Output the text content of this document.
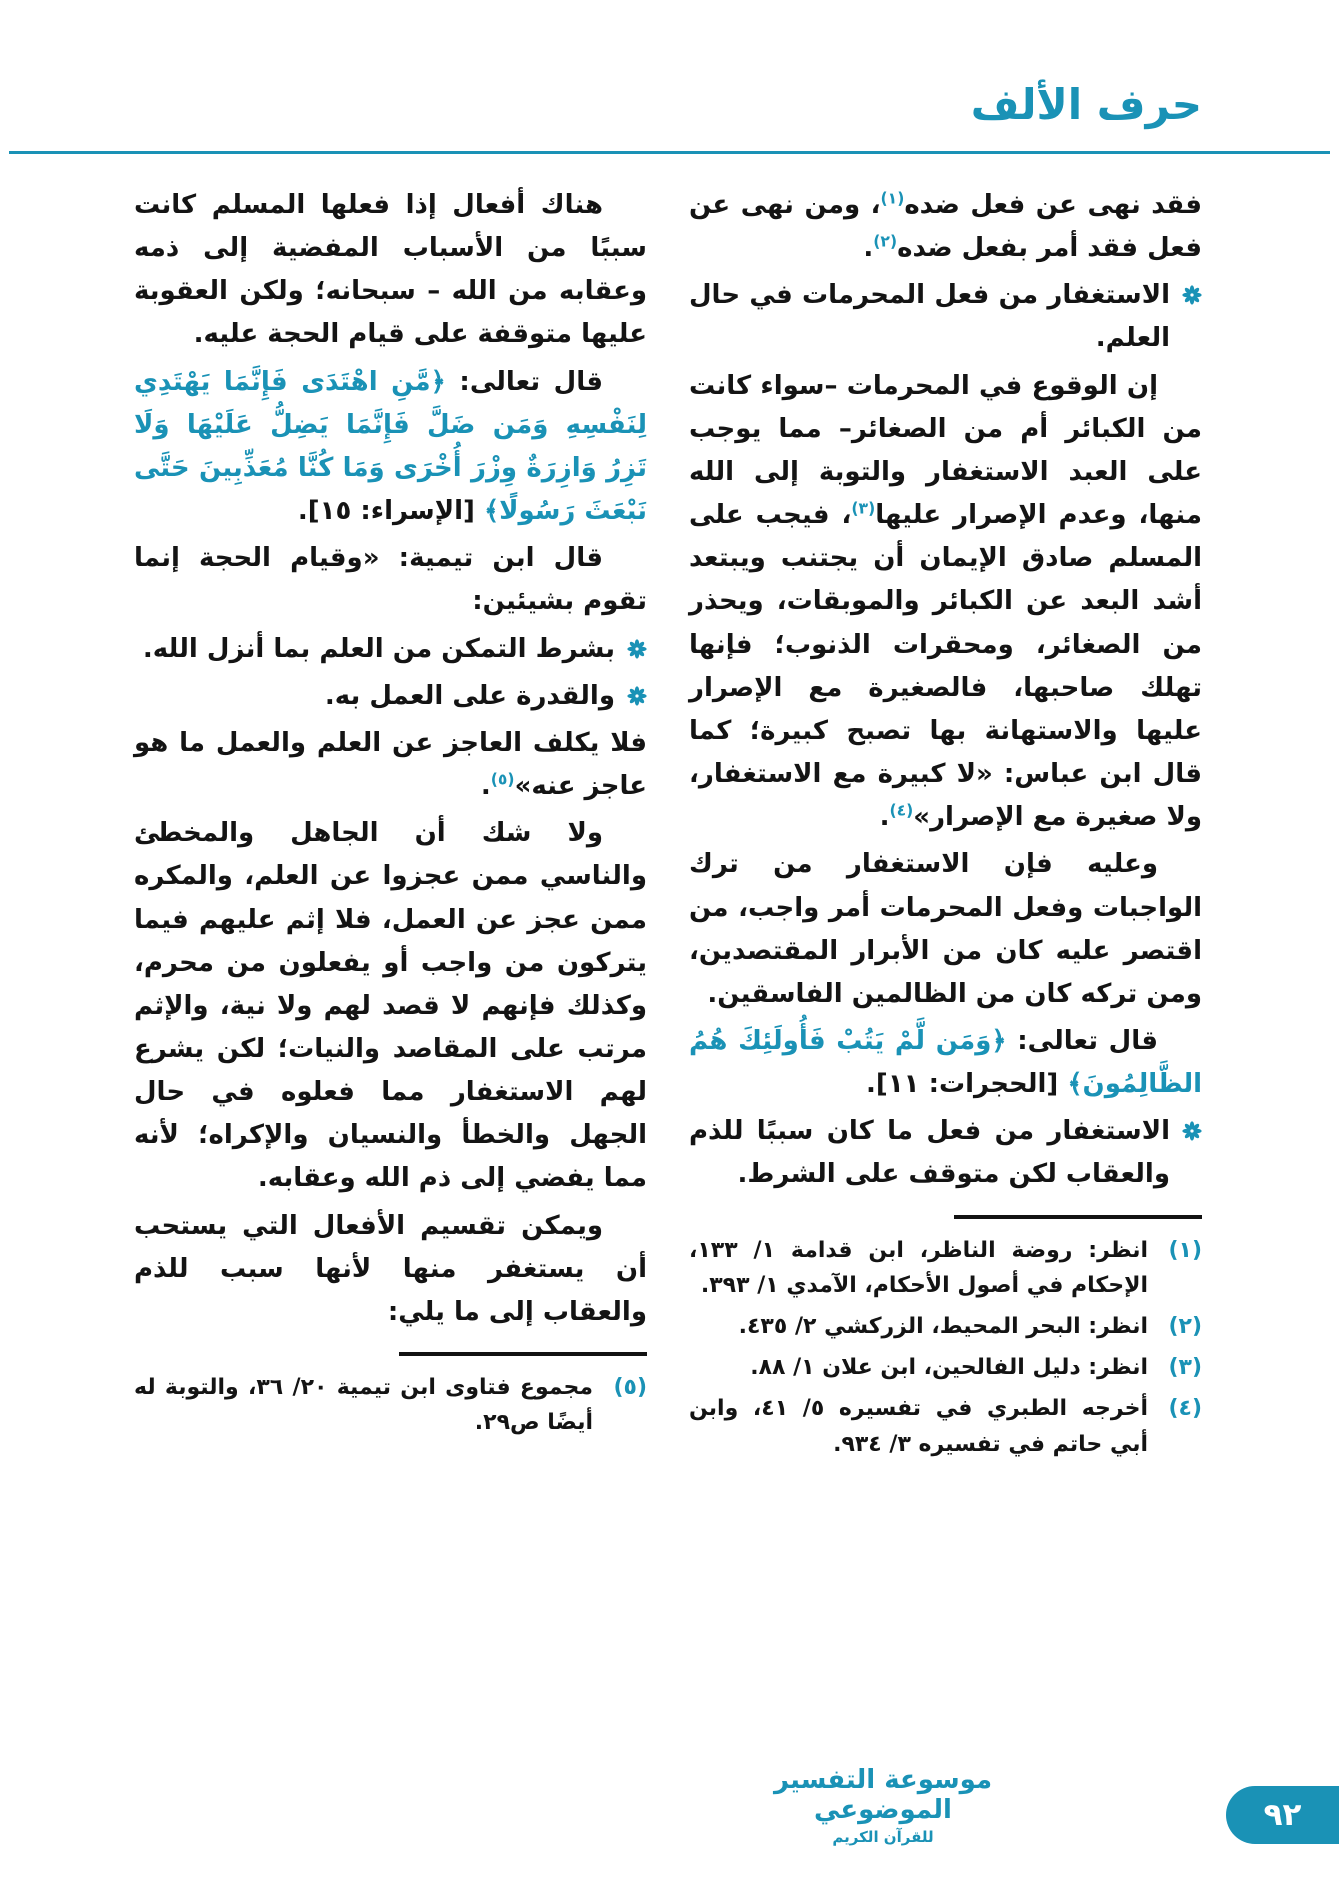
حرف الألف

فقد نهى عن فعل ضده$^{(١)}$، ومن نهى عن فعل فقد أمر بفعل ضده$^{(٢)}$.

الاستغفار من فعل المحرمات في حال العلم.

إن الوقوع في المحرمات –سواء كانت من الكبائر أم من الصغائر– مما يوجب على العبد الاستغفار والتوبة إلى الله منها، وعدم الإصرار عليها$^{(٣)}$، فيجب على المسلم صادق الإيمان أن يجتنب ويبتعد أشد البعد عن الكبائر والموبقات، ويحذر من الصغائر، ومحقرات الذنوب؛ فإنها تهلك صاحبها، فالصغيرة مع الإصرار عليها والاستهانة بها تصبح كبيرة؛ كما قال ابن عباس: «لا كبيرة مع الاستغفار، ولا صغيرة مع الإصرار»$^{(٤)}$.

وعليه فإن الاستغفار من ترك الواجبات وفعل المحرمات أمر واجب، من اقتصر عليه كان من الأبرار المقتصدين، ومن تركه كان من الظالمين الفاسقين.

قال تعالى: ﴿وَمَن لَّمْ يَتُبْ فَأُولَئِكَ هُمُ الظَّالِمُونَ﴾ [الحجرات: ١١].

الاستغفار من فعل ما كان سببًا للذم والعقاب لكن متوقف على الشرط.
(١)
انظر: روضة الناظر، ابن قدامة ١/ ١٣٣، الإحكام في أصول الأحكام، الآمدي ١/ ٣٩٣.
(٢)
انظر: البحر المحيط، الزركشي ٢/ ٤٣٥.
(٣)
انظر: دليل الفالحين، ابن علان ١/ ٨٨.
(٤)
أخرجه الطبري في تفسيره ٥/ ٤١، وابن أبي حاتم في تفسيره ٣/ ٩٣٤.

هناك أفعال إذا فعلها المسلم كانت سببًا من الأسباب المفضية إلى ذمه وعقابه من الله – سبحانه؛ ولكن العقوبة عليها متوقفة على قيام الحجة عليه.

قال تعالى: ﴿مَّنِ اهْتَدَى فَإِنَّمَا يَهْتَدِي لِنَفْسِهِ وَمَن ضَلَّ فَإِنَّمَا يَضِلُّ عَلَيْهَا وَلَا تَزِرُ وَازِرَةٌ وِزْرَ أُخْرَى وَمَا كُنَّا مُعَذِّبِينَ حَتَّى نَبْعَثَ رَسُولًا﴾ [الإسراء: ١٥].

قال ابن تيمية: «وقيام الحجة إنما تقوم بشيئين:

بشرط التمكن من العلم بما أنزل الله.
والقدرة على العمل به.

فلا يكلف العاجز عن العلم والعمل ما هو عاجز عنه»$^{(٥)}$.

ولا شك أن الجاهل والمخطئ والناسي ممن عجزوا عن العلم، والمكره ممن عجز عن العمل، فلا إثم عليهم فيما يتركون من واجب أو يفعلون من محرم، وكذلك فإنهم لا قصد لهم ولا نية، والإثم مرتب على المقاصد والنيات؛ لكن يشرع لهم الاستغفار مما فعلوه في حال الجهل والخطأ والنسيان والإكراه؛ لأنه مما يفضي إلى ذم الله وعقابه.

ويمكن تقسيم الأفعال التي يستحب أن يستغفر منها لأنها سبب للذم والعقاب إلى ما يلي:

(٥)
مجموع فتاوى ابن تيمية ٢٠/ ٣٦، والتوبة له أيضًا ص٢٩.
موسوعة التفسير الموضوعي
للقرآن الكريم
٩٢
